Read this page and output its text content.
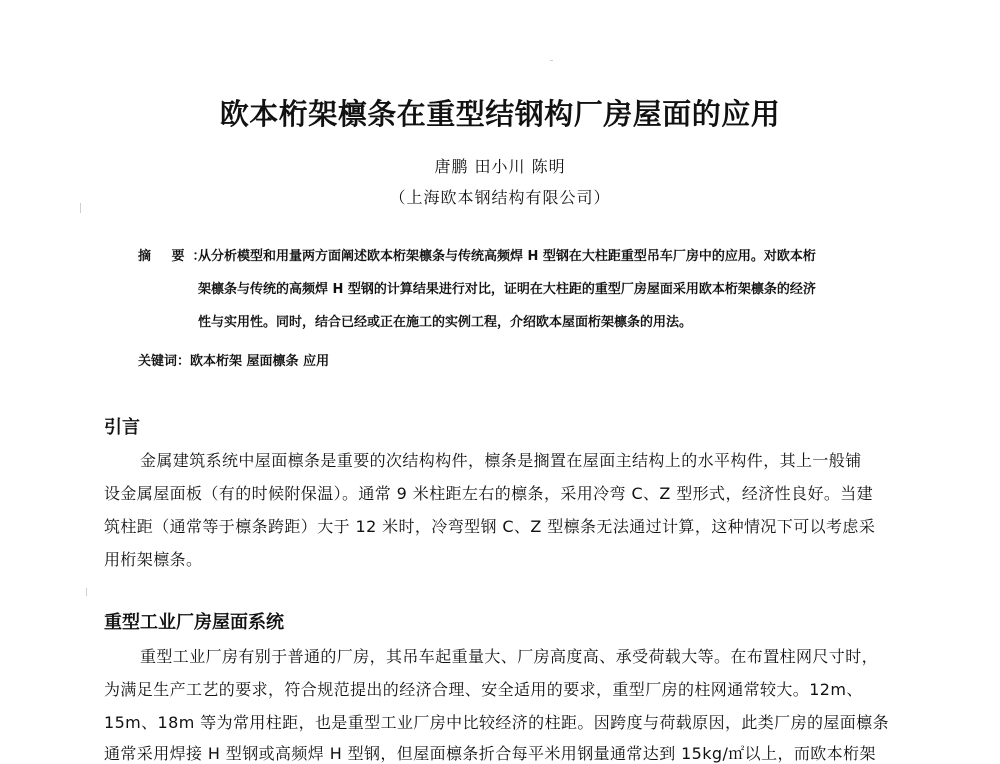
欧本桁架檩条在重型结钢构厂房屋面的应用
唐鹏 田小川 陈明
（上海欧本钢结构有限公司）
摘 要：
从分析模型和用量两方面阐述欧本桁架檩条与传统高频焊 H 型钢在大柱距重型吊车厂房中的应用。对欧本桁
架檩条与传统的高频焊 H 型钢的计算结果进行对比，证明在大柱距的重型厂房屋面采用欧本桁架檩条的经济
性与实用性。同时，结合已经或正在施工的实例工程，介绍欧本屋面桁架檩条的用法。
关键词：欧本桁架 屋面檩条 应用
引言
金属建筑系统中屋面檩条是重要的次结构构件，檩条是搁置在屋面主结构上的水平构件，其上一般铺
设金属屋面板（有的时候附保温）。通常 9 米柱距左右的檩条，采用冷弯 C、Z 型形式，经济性良好。当建
筑柱距（通常等于檩条跨距）大于 12 米时，冷弯型钢 C、Z 型檩条无法通过计算，这种情况下可以考虑采
用桁架檩条。
重型工业厂房屋面系统
重型工业厂房有别于普通的厂房，其吊车起重量大、厂房高度高、承受荷载大等。在布置柱网尺寸时，
为满足生产工艺的要求，符合规范提出的经济合理、安全适用的要求，重型厂房的柱网通常较大。12m、
15m、18m 等为常用柱距，也是重型工业厂房中比较经济的柱距。因跨度与荷载原因，此类厂房的屋面檩条
通常采用焊接 H 型钢或高频焊 H 型钢，但屋面檩条折合每平米用钢量通常达到 15kg/㎡以上，而欧本桁架
